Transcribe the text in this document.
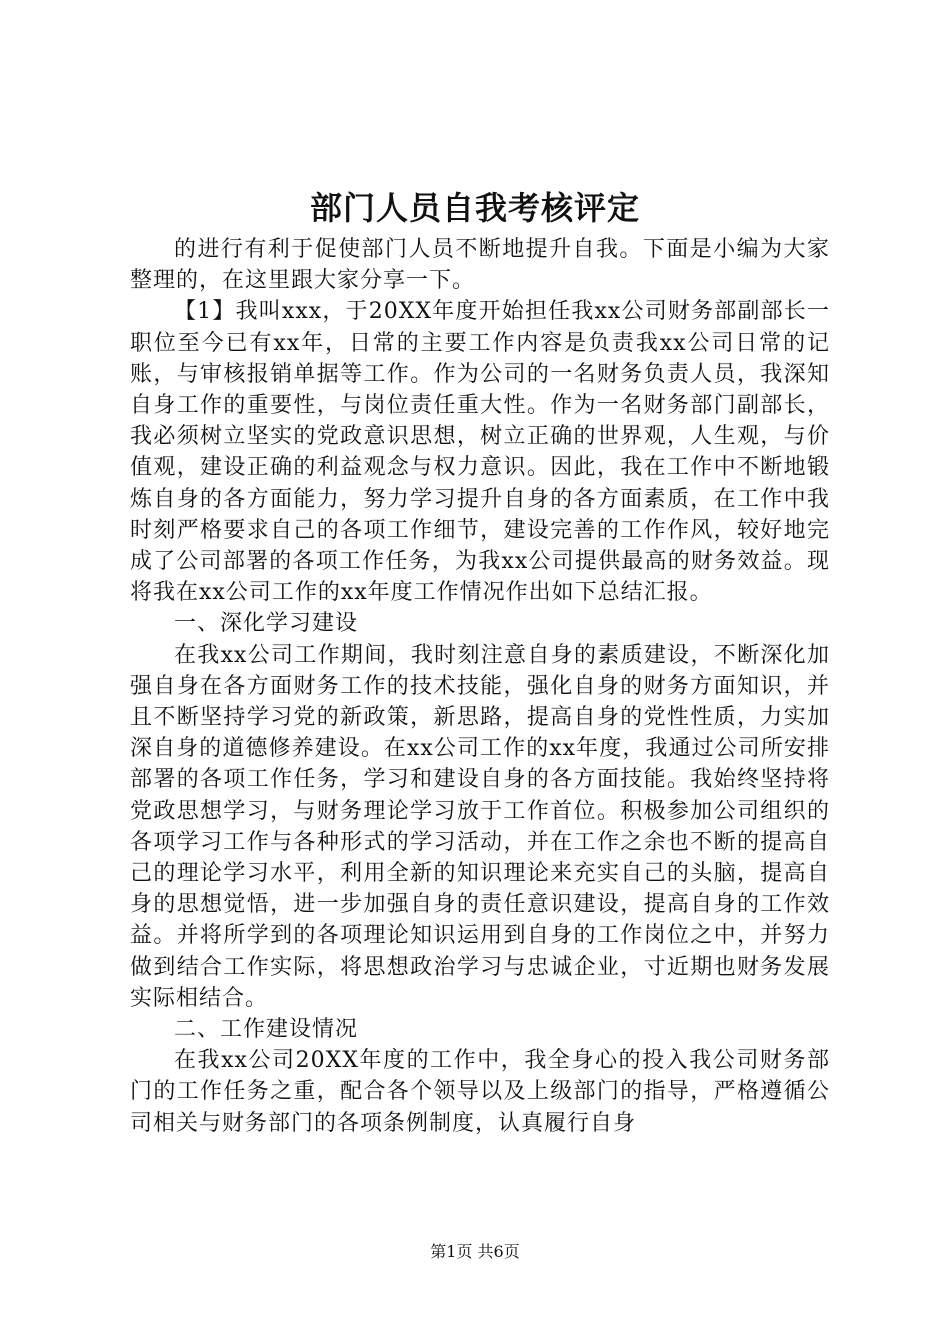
部门人员自我考核评定

的进行有利于促使部门人员不断地提升自我。下面是小编为大家整理的，在这里跟大家分享一下。

【1】我叫xxx，于20XX年度开始担任我xx公司财务部副部长一职位至今已有xx年，日常的主要工作内容是负责我xx公司日常的记账，与审核报销单据等工作。作为公司的一名财务负责人员，我深知自身工作的重要性，与岗位责任重大性。作为一名财务部门副部长，我必须树立坚实的党政意识思想，树立正确的世界观，人生观，与价值观，建设正确的利益观念与权力意识。因此，我在工作中不断地锻炼自身的各方面能力，努力学习提升自身的各方面素质，在工作中我时刻严格要求自己的各项工作细节，建设完善的工作作风，较好地完成了公司部署的各项工作任务，为我xx公司提供最高的财务效益。现将我在xx公司工作的xx年度工作情况作出如下总结汇报。

一、深化学习建设

在我xx公司工作期间，我时刻注意自身的素质建设，不断深化加强自身在各方面财务工作的技术技能，强化自身的财务方面知识，并且不断坚持学习党的新政策，新思路，提高自身的党性性质，力实加深自身的道德修养建设。在xx公司工作的xx年度，我通过公司所安排部署的各项工作任务，学习和建设自身的各方面技能。我始终坚持将党政思想学习，与财务理论学习放于工作首位。积极参加公司组织的各项学习工作与各种形式的学习活动，并在工作之余也不断的提高自己的理论学习水平，利用全新的知识理论来充实自己的头脑，提高自身的思想觉悟，进一步加强自身的责任意识建设，提高自身的工作效益。并将所学到的各项理论知识运用到自身的工作岗位之中，并努力做到结合工作实际，将思想政治学习与忠诚企业，寸近期也财务发展实际相结合。

二、工作建设情况

在我xx公司20XX年度的工作中，我全身心的投入我公司财务部门的工作任务之重，配合各个领导以及上级部门的指导，严格遵循公司相关与财务部门的各项条例制度，认真履行自身

第1页 共6页
